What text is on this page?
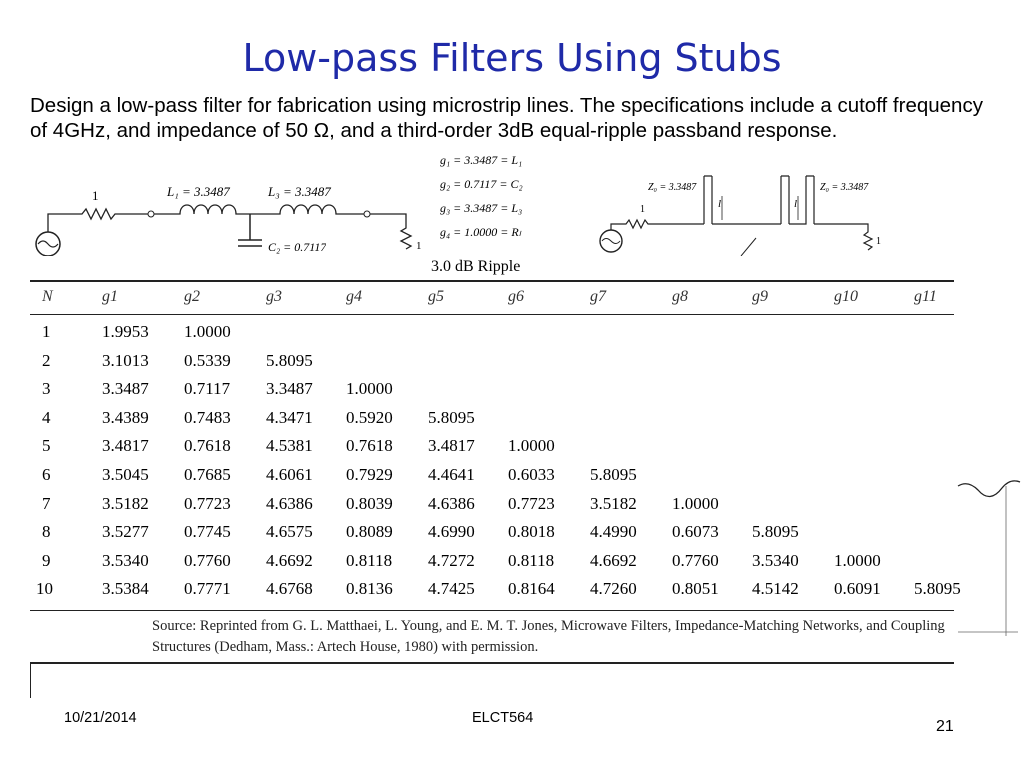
Low-pass Filters Using Stubs
Design a low-pass filter for fabrication using microstrip lines. The specifications include a cutoff frequency of 4GHz, and impedance of 50 Ω, and a third-order 3dB equal-ripple passband response.
1	L₁ = 3.3487	L₃ = 3.3487
C₂ = 0.7117	1
g₁ = 3.3487 = L₁
g₂ = 0.7117 = C₂
g₃ = 3.3487 = L₃
g₄ = 1.0000 = Rₗ
Z₀ = 3.3487	Z₀ = 3.3487
1
1
l	l
3.0 dB Ripple
N	g1	g2	g3	g4	g5	g6	g7	g8	g9	g10	g11
1	1.9953 1.0000
2	3.1013 0.5339 5.8095
3	3.3487 0.7117 3.3487 1.0000
4	3.4389 0.7483 4.3471 0.5920 5.8095
5	3.4817 0.7618 4.5381 0.7618 3.4817 1.0000
6	3.5045 0.7685 4.6061 0.7929 4.4641 0.6033 5.8095
7	3.5182 0.7723 4.6386 0.8039 4.6386 0.7723 3.5182 1.0000
8	3.5277 0.7745 4.6575 0.8089 4.6990 0.8018 4.4990 0.6073 5.8095
9	3.5340 0.7760 4.6692 0.8118 4.7272 0.8118 4.6692 0.7760 3.5340 1.0000
10	3.5384 0.7771 4.6768 0.8136 4.7425 0.8164 4.7260 0.8051 4.5142 0.6091 5.8095
Source: Reprinted from G. L. Matthaei, L. Young, and E. M. T. Jones, Microwave Filters, Impedance-Matching Networks, and Coupling Structures (Dedham, Mass.: Artech House, 1980) with permission.
10/21/2014	ELCT564	21
